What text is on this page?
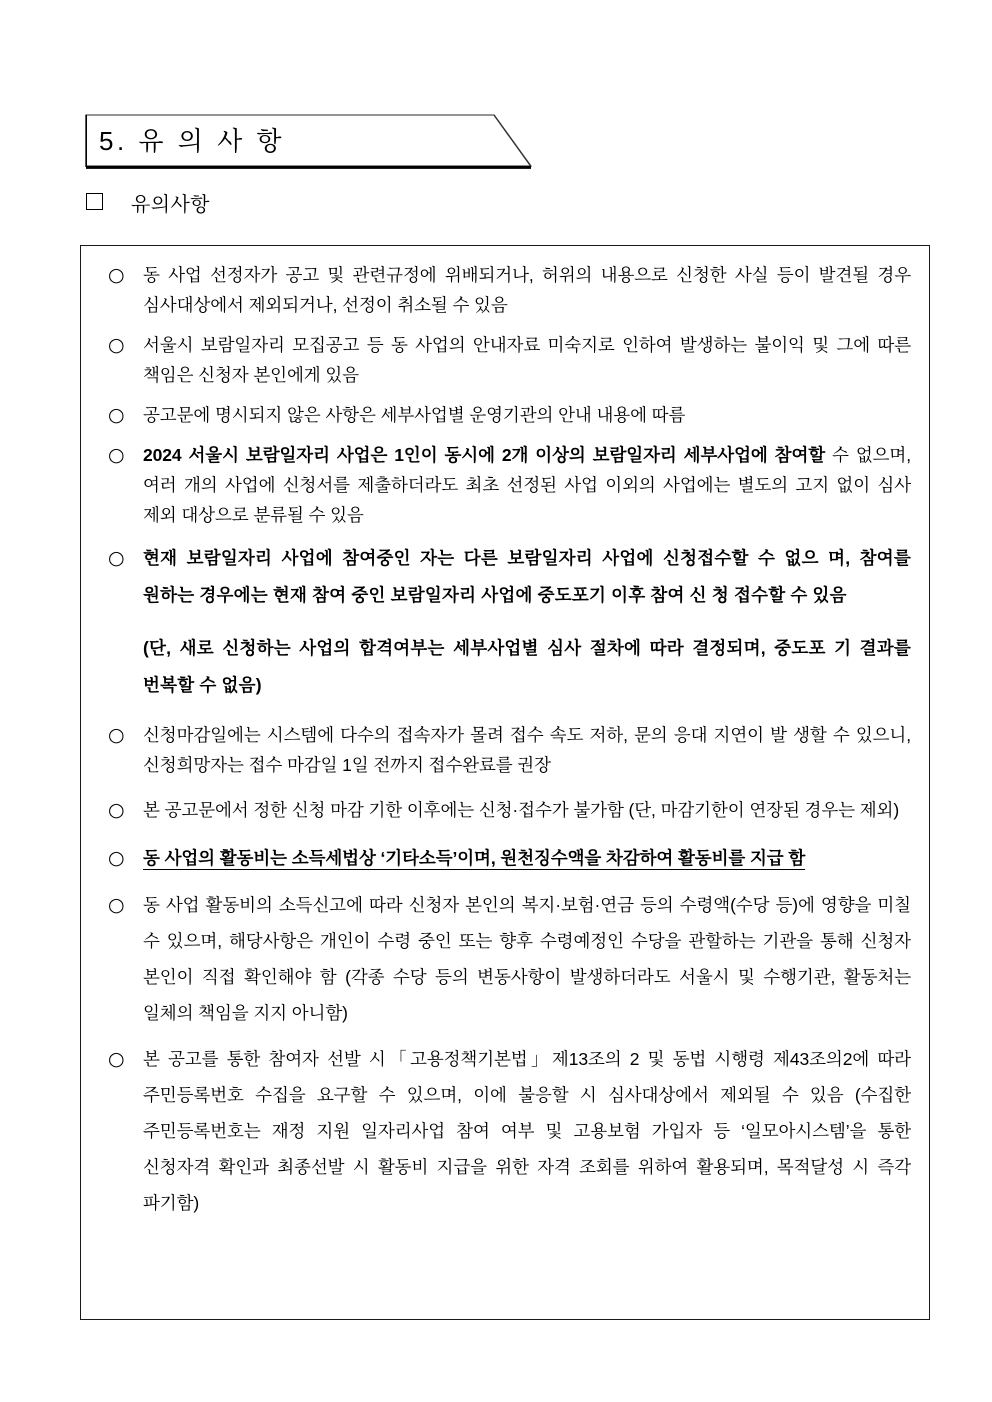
5. 유 의 사 항
유의사항
○ 동 사업 선정자가 공고 및 관련규정에 위배되거나, 허위의 내용으로 신청한 사실 등이 발견될 경우 심사대상에서 제외되거나, 선정이 취소될 수 있음
○ 서울시 보람일자리 모집공고 등 동 사업의 안내자료 미숙지로 인하여 발생하는 불이익 및 그에 따른 책임은 신청자 본인에게 있음
○ 공고문에 명시되지 않은 사항은 세부사업별 운영기관의 안내 내용에 따름
○ 2024 서울시 보람일자리 사업은 1인이 동시에 2개 이상의 보람일자리 세부사업에 참여할 수 없으며, 여러 개의 사업에 신청서를 제출하더라도 최초 선정된 사업 이외의 사업에는 별도의 고지 없이 심사 제외 대상으로 분류될 수 있음
○ 현재 보람일자리 사업에 참여중인 자는 다른 보람일자리 사업에 신청접수할 수 없으 며, 참여를 원하는 경우에는 현재 참여 중인 보람일자리 사업에 중도포기 이후 참여 신 청 접수할 수 있음
(단, 새로 신청하는 사업의 합격여부는 세부사업별 심사 절차에 따라 결정되며, 중도포 기 결과를 번복할 수 없음)
○ 신청마감일에는 시스템에 다수의 접속자가 몰려 접수 속도 저하, 문의 응대 지연이 발 생할 수 있으니, 신청희망자는 접수 마감일 1일 전까지 접수완료를 권장
○ 본 공고문에서 정한 신청 마감 기한 이후에는 신청·접수가 불가함 (단, 마감기한이 연장된 경우는 제외)
○ 동 사업의 활동비는 소득세법상 ‘기타소득’이며, 원천징수액을 차감하여 활동비를 지급 함
○ 동 사업 활동비의 소득신고에 따라 신청자 본인의 복지·보험·연금 등의 수령액(수당 등)에 영향을 미칠 수 있으며, 해당사항은 개인이 수령 중인 또는 향후 수령예정인 수당을 관할하는 기관을 통해 신청자 본인이 직접 확인해야 함 (각종 수당 등의 변동사항이 발생하더라도 서울시 및 수행기관, 활동처는 일체의 책임을 지지 아니함)
○ 본 공고를 통한 참여자 선발 시「고용정책기본법」제13조의 2 및 동법 시행령 제43조의2에 따라 주민등록번호 수집을 요구할 수 있으며, 이에 불응할 시 심사대상에서 제외될 수 있음 (수집한 주민등록번호는 재정 지원 일자리사업 참여 여부 및 고용보험 가입자 등 ‘일모아시스템’을 통한 신청자격 확인과 최종선발 시 활동비 지급을 위한 자격 조회를 위하여 활용되며, 목적달성 시 즉각 파기함)
